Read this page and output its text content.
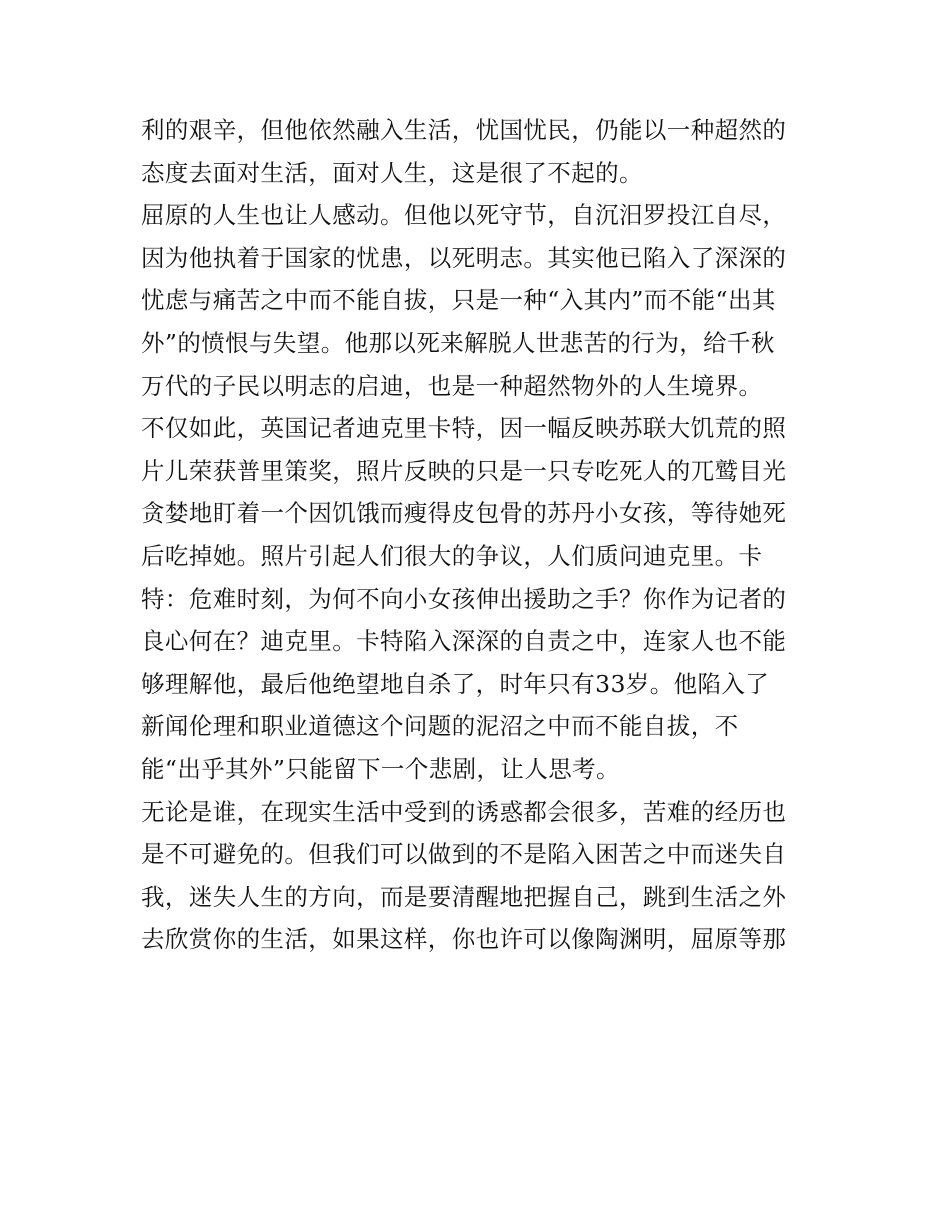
利的艰辛，但他依然融入生活，忧国忧民，仍能以一种超然的
态度去面对生活，面对人生，这是很了不起的。
屈原的人生也让人感动。但他以死守节，自沉汨罗投江自尽，
因为他执着于国家的忧患，以死明志。其实他已陷入了深深的
忧虑与痛苦之中而不能自拔，只是一种“入其内”而不能“出其
外”的愤恨与失望。他那以死来解脱人世悲苦的行为，给千秋
万代的子民以明志的启迪，也是一种超然物外的人生境界。
不仅如此，英国记者迪克里卡特，因一幅反映苏联大饥荒的照
片儿荣获普里策奖，照片反映的只是一只专吃死人的兀鹫目光
贪婪地盯着一个因饥饿而瘦得皮包骨的苏丹小女孩，等待她死
后吃掉她。照片引起人们很大的争议，人们质问迪克里。卡
特：危难时刻，为何不向小女孩伸出援助之手？你作为记者的
良心何在？迪克里。卡特陷入深深的自责之中，连家人也不能
够理解他，最后他绝望地自杀了，时年只有33岁。他陷入了
新闻伦理和职业道德这个问题的泥沼之中而不能自拔，不
能“出乎其外”只能留下一个悲剧，让人思考。
无论是谁，在现实生活中受到的诱惑都会很多，苦难的经历也
是不可避免的。但我们可以做到的不是陷入困苦之中而迷失自
我，迷失人生的方向，而是要清醒地把握自己，跳到生活之外
去欣赏你的生活，如果这样，你也许可以像陶渊明，屈原等那
